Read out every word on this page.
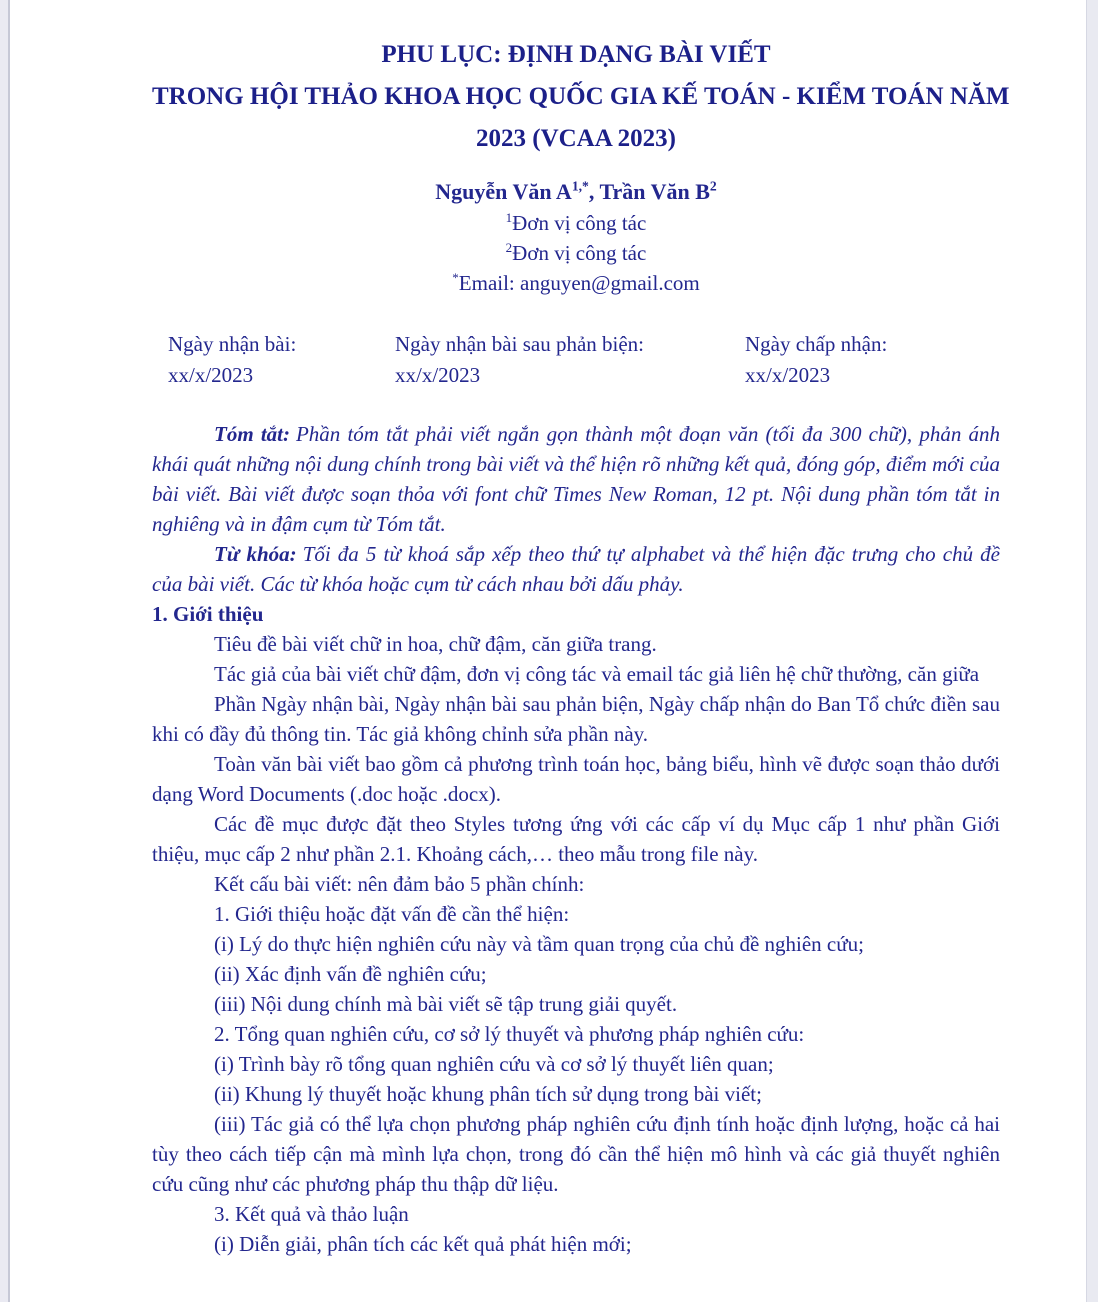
PHU LỤC: ĐỊNH DẠNG BÀI VIẾT
TRONG HỘI THẢO KHOA HỌC QUỐC GIA KẾ TOÁN - KIỂM TOÁN NĂM
2023 (VCAA 2023)
Nguyễn Văn $A^{1,*}$, Trần Văn $B^2$
$^1$Đơn vị công tác
$^2$Đơn vị công tác
*Email: anguyen@gmail.com
Ngày nhận bài:
xx/x/2023
Ngày nhận bài sau phản biện:
xx/x/2023
Ngày chấp nhận:
xx/x/2023

Tóm tắt: Phần tóm tắt phải viết ngắn gọn thành một đoạn văn (tối đa 300 chữ), phản ánh khái quát những nội dung chính trong bài viết và thể hiện rõ những kết quả, đóng góp, điểm mới của bài viết. Bài viết được soạn thỏa với font chữ Times New Roman, 12 pt. Nội dung phần tóm tắt in nghiêng và in đậm cụm từ Tóm tắt.

Từ khóa: Tối đa 5 từ khoá sắp xếp theo thứ tự alphabet và thể hiện đặc trưng cho chủ đề của bài viết. Các từ khóa hoặc cụm từ cách nhau bởi dấu phảy.

1. Giới thiệu

Tiêu đề bài viết chữ in hoa, chữ đậm, căn giữa trang.

Tác giả của bài viết chữ đậm, đơn vị công tác và email tác giả liên hệ chữ thường, căn giữa

Phần Ngày nhận bài, Ngày nhận bài sau phản biện, Ngày chấp nhận do Ban Tổ chức điền sau khi có đầy đủ thông tin. Tác giả không chỉnh sửa phần này.

Toàn văn bài viết bao gồm cả phương trình toán học, bảng biểu, hình vẽ được soạn thảo dưới dạng Word Documents (.doc hoặc .docx).

Các đề mục được đặt theo Styles tương ứng với các cấp ví dụ Mục cấp 1 như phần Giới thiệu, mục cấp 2 như phần 2.1. Khoảng cách,… theo mẫu trong file này.

Kết cấu bài viết: nên đảm bảo 5 phần chính:

1. Giới thiệu hoặc đặt vấn đề cần thể hiện:

(i) Lý do thực hiện nghiên cứu này và tầm quan trọng của chủ đề nghiên cứu;

(ii) Xác định vấn đề nghiên cứu;

(iii) Nội dung chính mà bài viết sẽ tập trung giải quyết.

2. Tổng quan nghiên cứu, cơ sở lý thuyết và phương pháp nghiên cứu:

(i) Trình bày rõ tổng quan nghiên cứu và cơ sở lý thuyết liên quan;

(ii) Khung lý thuyết hoặc khung phân tích sử dụng trong bài viết;

(iii) Tác giả có thể lựa chọn phương pháp nghiên cứu định tính hoặc định lượng, hoặc cả hai tùy theo cách tiếp cận mà mình lựa chọn, trong đó cần thể hiện mô hình và các giả thuyết nghiên cứu cũng như các phương pháp thu thập dữ liệu.

3. Kết quả và thảo luận

(i) Diễn giải, phân tích các kết quả phát hiện mới;
